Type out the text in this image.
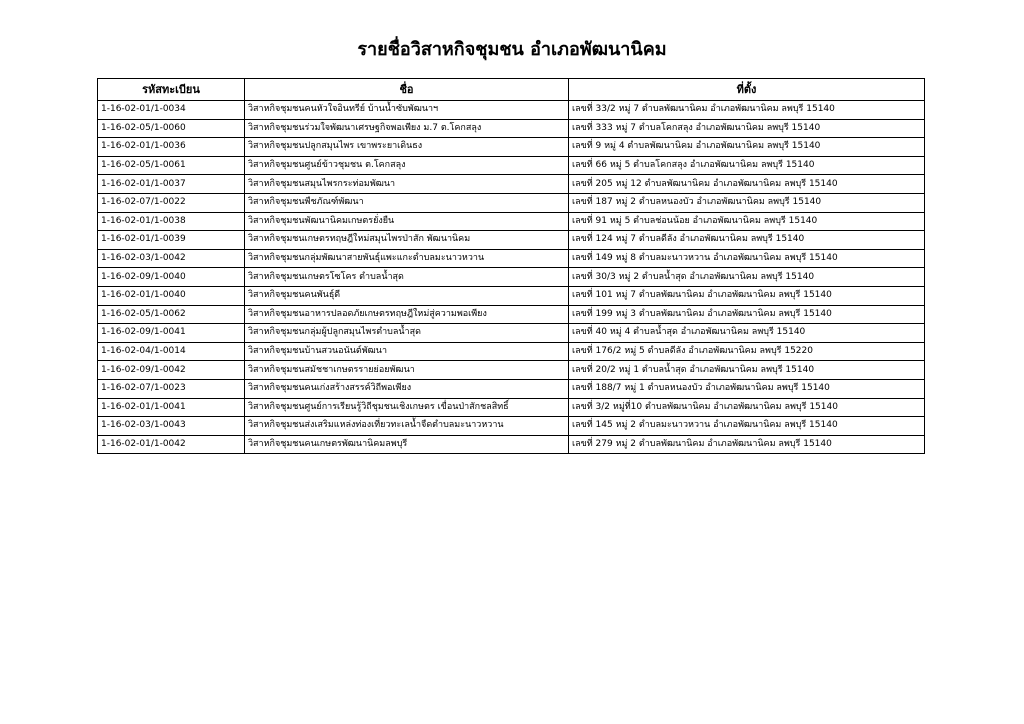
รายชื่อวิสาหกิจชุมชน อำเภอพัฒนานิคม
รหัสทะเบียน	ชื่อ	ที่ตั้ง
1-16-02-01/1-0034	วิสาหกิจชุมชนคนหัวใจอินทรีย์ บ้านน้ำซับพัฒนาฯ	เลขที่ 33/2 หมู่ 7 ตำบลพัฒนานิคม อำเภอพัฒนานิคม ลพบุรี 15140
1-16-02-05/1-0060	วิสาหกิจชุมชนร่วมใจพัฒนาเศรษฐกิจพอเพียง ม.7 ต.โคกสลุง	เลขที่ 333 หมู่ 7 ตำบลโคกสลุง อำเภอพัฒนานิคม ลพบุรี 15140
1-16-02-01/1-0036	วิสาหกิจชุมชนปลูกสมุนไพร เขาพระยาเดินธง	เลขที่ 9 หมู่ 4 ตำบลพัฒนานิคม อำเภอพัฒนานิคม ลพบุรี 15140
1-16-02-05/1-0061	วิสาหกิจชุมชนศูนย์ข้าวชุมชน ต.โคกสลุง	เลขที่ 66 หมู่ 5 ตำบลโคกสลุง อำเภอพัฒนานิคม ลพบุรี 15140
1-16-02-01/1-0037	วิสาหกิจชุมชนสมุนไพรกระท่อมพัฒนา	เลขที่ 205 หมู่ 12 ตำบลพัฒนานิคม อำเภอพัฒนานิคม ลพบุรี 15140
1-16-02-07/1-0022	วิสาหกิจชุมชนพืชภัณฑ์พัฒนา	เลขที่ 187 หมู่ 2 ตำบลหนองบัว อำเภอพัฒนานิคม ลพบุรี 15140
1-16-02-01/1-0038	วิสาหกิจชุมชนพัฒนานิคมเกษตรยั่งยืน	เลขที่ 91 หมู่ 5 ตำบลช่อนน้อย อำเภอพัฒนานิคม ลพบุรี 15140
1-16-02-01/1-0039	วิสาหกิจชุมชนเกษตรทฤษฎีใหม่สมุนไพรป่าสัก พัฒนานิคม	เลขที่ 124 หมู่ 7 ตำบลดีลัง อำเภอพัฒนานิคม ลพบุรี 15140
1-16-02-03/1-0042	วิสาหกิจชุมชนกลุ่มพัฒนาสายพันธุ์แพะแกะตำบลมะนาวหวาน	เลขที่ 149 หมู่ 8 ตำบลมะนาวหวาน อำเภอพัฒนานิคม ลพบุรี 15140
1-16-02-09/1-0040	วิสาหกิจชุมชนเกษตรโซโคร ตำบลน้ำสุด	เลขที่ 30/3 หมู่ 2 ตำบลน้ำสุด อำเภอพัฒนานิคม ลพบุรี 15140
1-16-02-01/1-0040	วิสาหกิจชุมชนคนพันธุ์ดี	เลขที่ 101 หมู่ 7 ตำบลพัฒนานิคม อำเภอพัฒนานิคม ลพบุรี 15140
1-16-02-05/1-0062	วิสาหกิจชุมชนอาหารปลอดภัยเกษตรทฤษฎีใหม่สู่ความพอเพียง	เลขที่ 199 หมู่ 3 ตำบลพัฒนานิคม อำเภอพัฒนานิคม ลพบุรี 15140
1-16-02-09/1-0041	วิสาหกิจชุมชนกลุ่มผู้ปลูกสมุนไพรตำบลน้ำสุด	เลขที่ 40 หมู่ 4 ตำบลน้ำสุด อำเภอพัฒนานิคม ลพบุรี 15140
1-16-02-04/1-0014	วิสาหกิจชุมชนบ้านสวนอนันต์พัฒนา	เลขที่ 176/2 หมู่ 5 ตำบลดีลัง อำเภอพัฒนานิคม ลพบุรี 15220
1-16-02-09/1-0042	วิสาหกิจชุมชนสมัชชาเกษตรรายย่อยพัฒนา	เลขที่ 20/2 หมู่ 1 ตำบลน้ำสุด อำเภอพัฒนานิคม ลพบุรี 15140
1-16-02-07/1-0023	วิสาหกิจชุมชนคนเก่งสร้างสรรค์วิถีพอเพียง	เลขที่ 188/7 หมู่ 1 ตำบลหนองบัว อำเภอพัฒนานิคม ลพบุรี 15140
1-16-02-01/1-0041	วิสาหกิจชุมชนศูนย์การเรียนรู้วิถีชุมชนเชิงเกษตร เขื่อนป่าสักชลสิทธิ์	เลขที่ 3/2 หมู่ที่10 ตำบลพัฒนานิคม อำเภอพัฒนานิคม ลพบุรี 15140
1-16-02-03/1-0043	วิสาหกิจชุมชนส่งเสริมแหล่งท่องเที่ยวทะเลน้ำจืดตำบลมะนาวหวาน	เลขที่ 145 หมู่ 2 ตำบลมะนาวหวาน อำเภอพัฒนานิคม ลพบุรี 15140
1-16-02-01/1-0042	วิสาหกิจชุมชนคนเกษตรพัฒนานิคมลพบุรี	เลขที่ 279 หมู่ 2 ตำบลพัฒนานิคม อำเภอพัฒนานิคม ลพบุรี 15140
